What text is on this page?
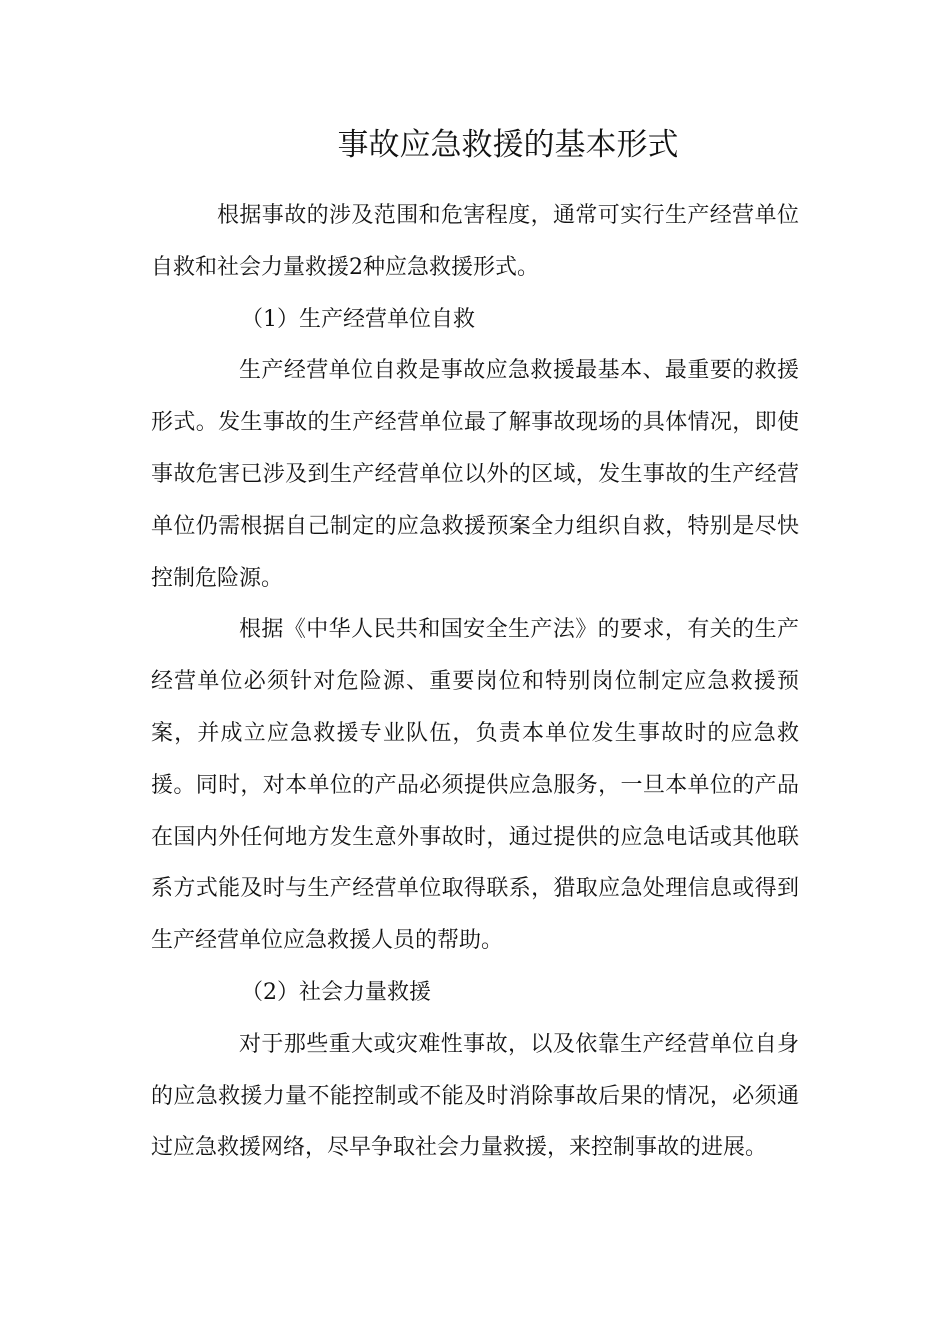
事故应急救援的基本形式

根据事故的涉及范围和危害程度，通常可实行生产经营单位自救和社会力量救援2种应急救援形式。

（1）生产经营单位自救

生产经营单位自救是事故应急救援最基本、最重要的救援形式。发生事故的生产经营单位最了解事故现场的具体情况，即使事故危害已涉及到生产经营单位以外的区域，发生事故的生产经营单位仍需根据自己制定的应急救援预案全力组织自救，特别是尽快控制危险源。

根据《中华人民共和国安全生产法》的要求，有关的生产经营单位必须针对危险源、重要岗位和特别岗位制定应急救援预案，并成立应急救援专业队伍，负责本单位发生事故时的应急救援。同时，对本单位的产品必须提供应急服务，一旦本单位的产品在国内外任何地方发生意外事故时，通过提供的应急电话或其他联系方式能及时与生产经营单位取得联系，猎取应急处理信息或得到生产经营单位应急救援人员的帮助。

（2）社会力量救援

对于那些重大或灾难性事故，以及依靠生产经营单位自身的应急救援力量不能控制或不能及时消除事故后果的情况，必须通过应急救援网络，尽早争取社会力量救援，来控制事故的进展。
